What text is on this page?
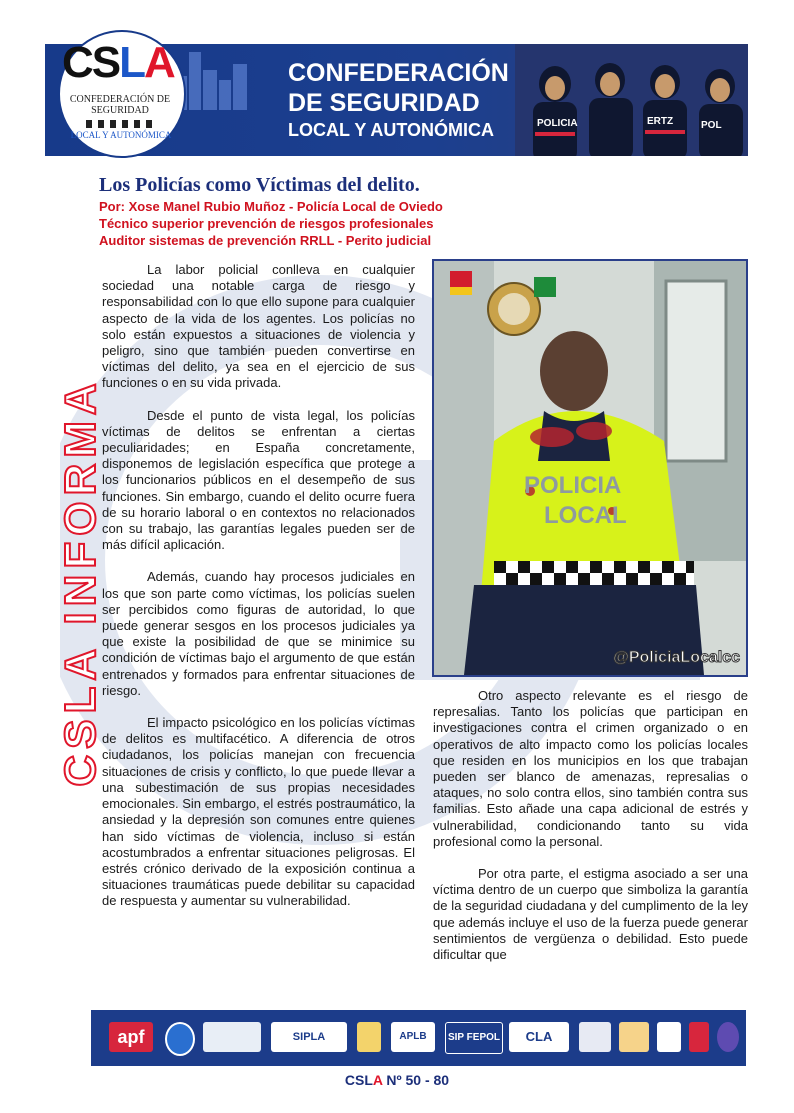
CONFEDERACIÓN
DE SEGURIDAD
LOCAL Y AUTONÓMICA	POLICIA	ERTZ	POL
CSLA
CONFEDERACIÓN DE SEGURIDAD
LOCAL Y AUTONÓMICA
CSLA INFORMA
Los Policías como Víctimas del delito.
Por: Xose Manel Rubio Muñoz - Policía Local de Oviedo
Técnico superior prevención de riesgos profesionales
Auditor sistemas de prevención RRLL - Perito judicial

La labor policial conlleva en cualquier sociedad una notable carga de riesgo y responsabilidad con lo que ello supone para cualquier aspecto de la vida de los agentes. Los policías no solo están expuestos a situaciones de violencia y peligro, sino que también pueden convertirse en víctimas del delito, ya sea en el ejercicio de sus funciones o en su vida privada.

Desde el punto de vista legal, los policías víctimas de delitos se enfrentan a ciertas peculiaridades; en España concretamente, disponemos de legislación específica que protege a los funcionarios públicos en el desempeño de sus funciones. Sin embargo, cuando el delito ocurre fuera de su horario laboral o en contextos no relacionados con su trabajo, las garantías legales pueden ser de más difícil aplicación.

Además, cuando hay procesos judiciales en los que son parte como víctimas, los policías suelen ser percibidos como figuras de autoridad, lo que puede generar sesgos en los procesos judiciales ya que existe la posibilidad de que se minimice su condición de víctimas bajo el argumento de que están entrenados y formados para enfrentar situaciones de riesgo.

El impacto psicológico en los policías víctimas de delitos es multifacético. A diferencia de otros ciudadanos, los policías manejan con frecuencia situaciones de crisis y conflicto, lo que puede llevar a una subestimación de sus propias necesidades emocionales. Sin embargo, el estrés postraumático, la ansiedad y la depresión son comunes entre quienes han sido víctimas de violencia, incluso si están acostumbrados a enfrentar situaciones peligrosas. El estrés crónico derivado de la exposición continua a situaciones traumáticas puede debilitar su capacidad de respuesta y aumentar su vulnerabilidad.

POLICIA
LOCAL
@PoliciaLocalcc

Otro aspecto relevante es el riesgo de represalias. Tanto los policías que participan en investigaciones contra el crimen organizado o en operativos de alto impacto como los policías locales que residen en los municipios en los que trabajan pueden ser blanco de amenazas, represalias o ataques, no solo contra ellos, sino también contra sus familias. Esto añade una capa adicional de estrés y vulnerabilidad, condicionando tanto su vida profesional como la personal.

Por otra parte, el estigma asociado a ser una víctima dentro de un cuerpo que simboliza la garantía de la seguridad ciudadana y del cumplimento de la ley que además incluye el uso de la fuerza puede generar sentimientos de vergüenza o debilidad. Esto puede dificultar que

apf	SIPLA	APLB	SIP FEPOL	CLA
CSLA Nº 50 - 80
